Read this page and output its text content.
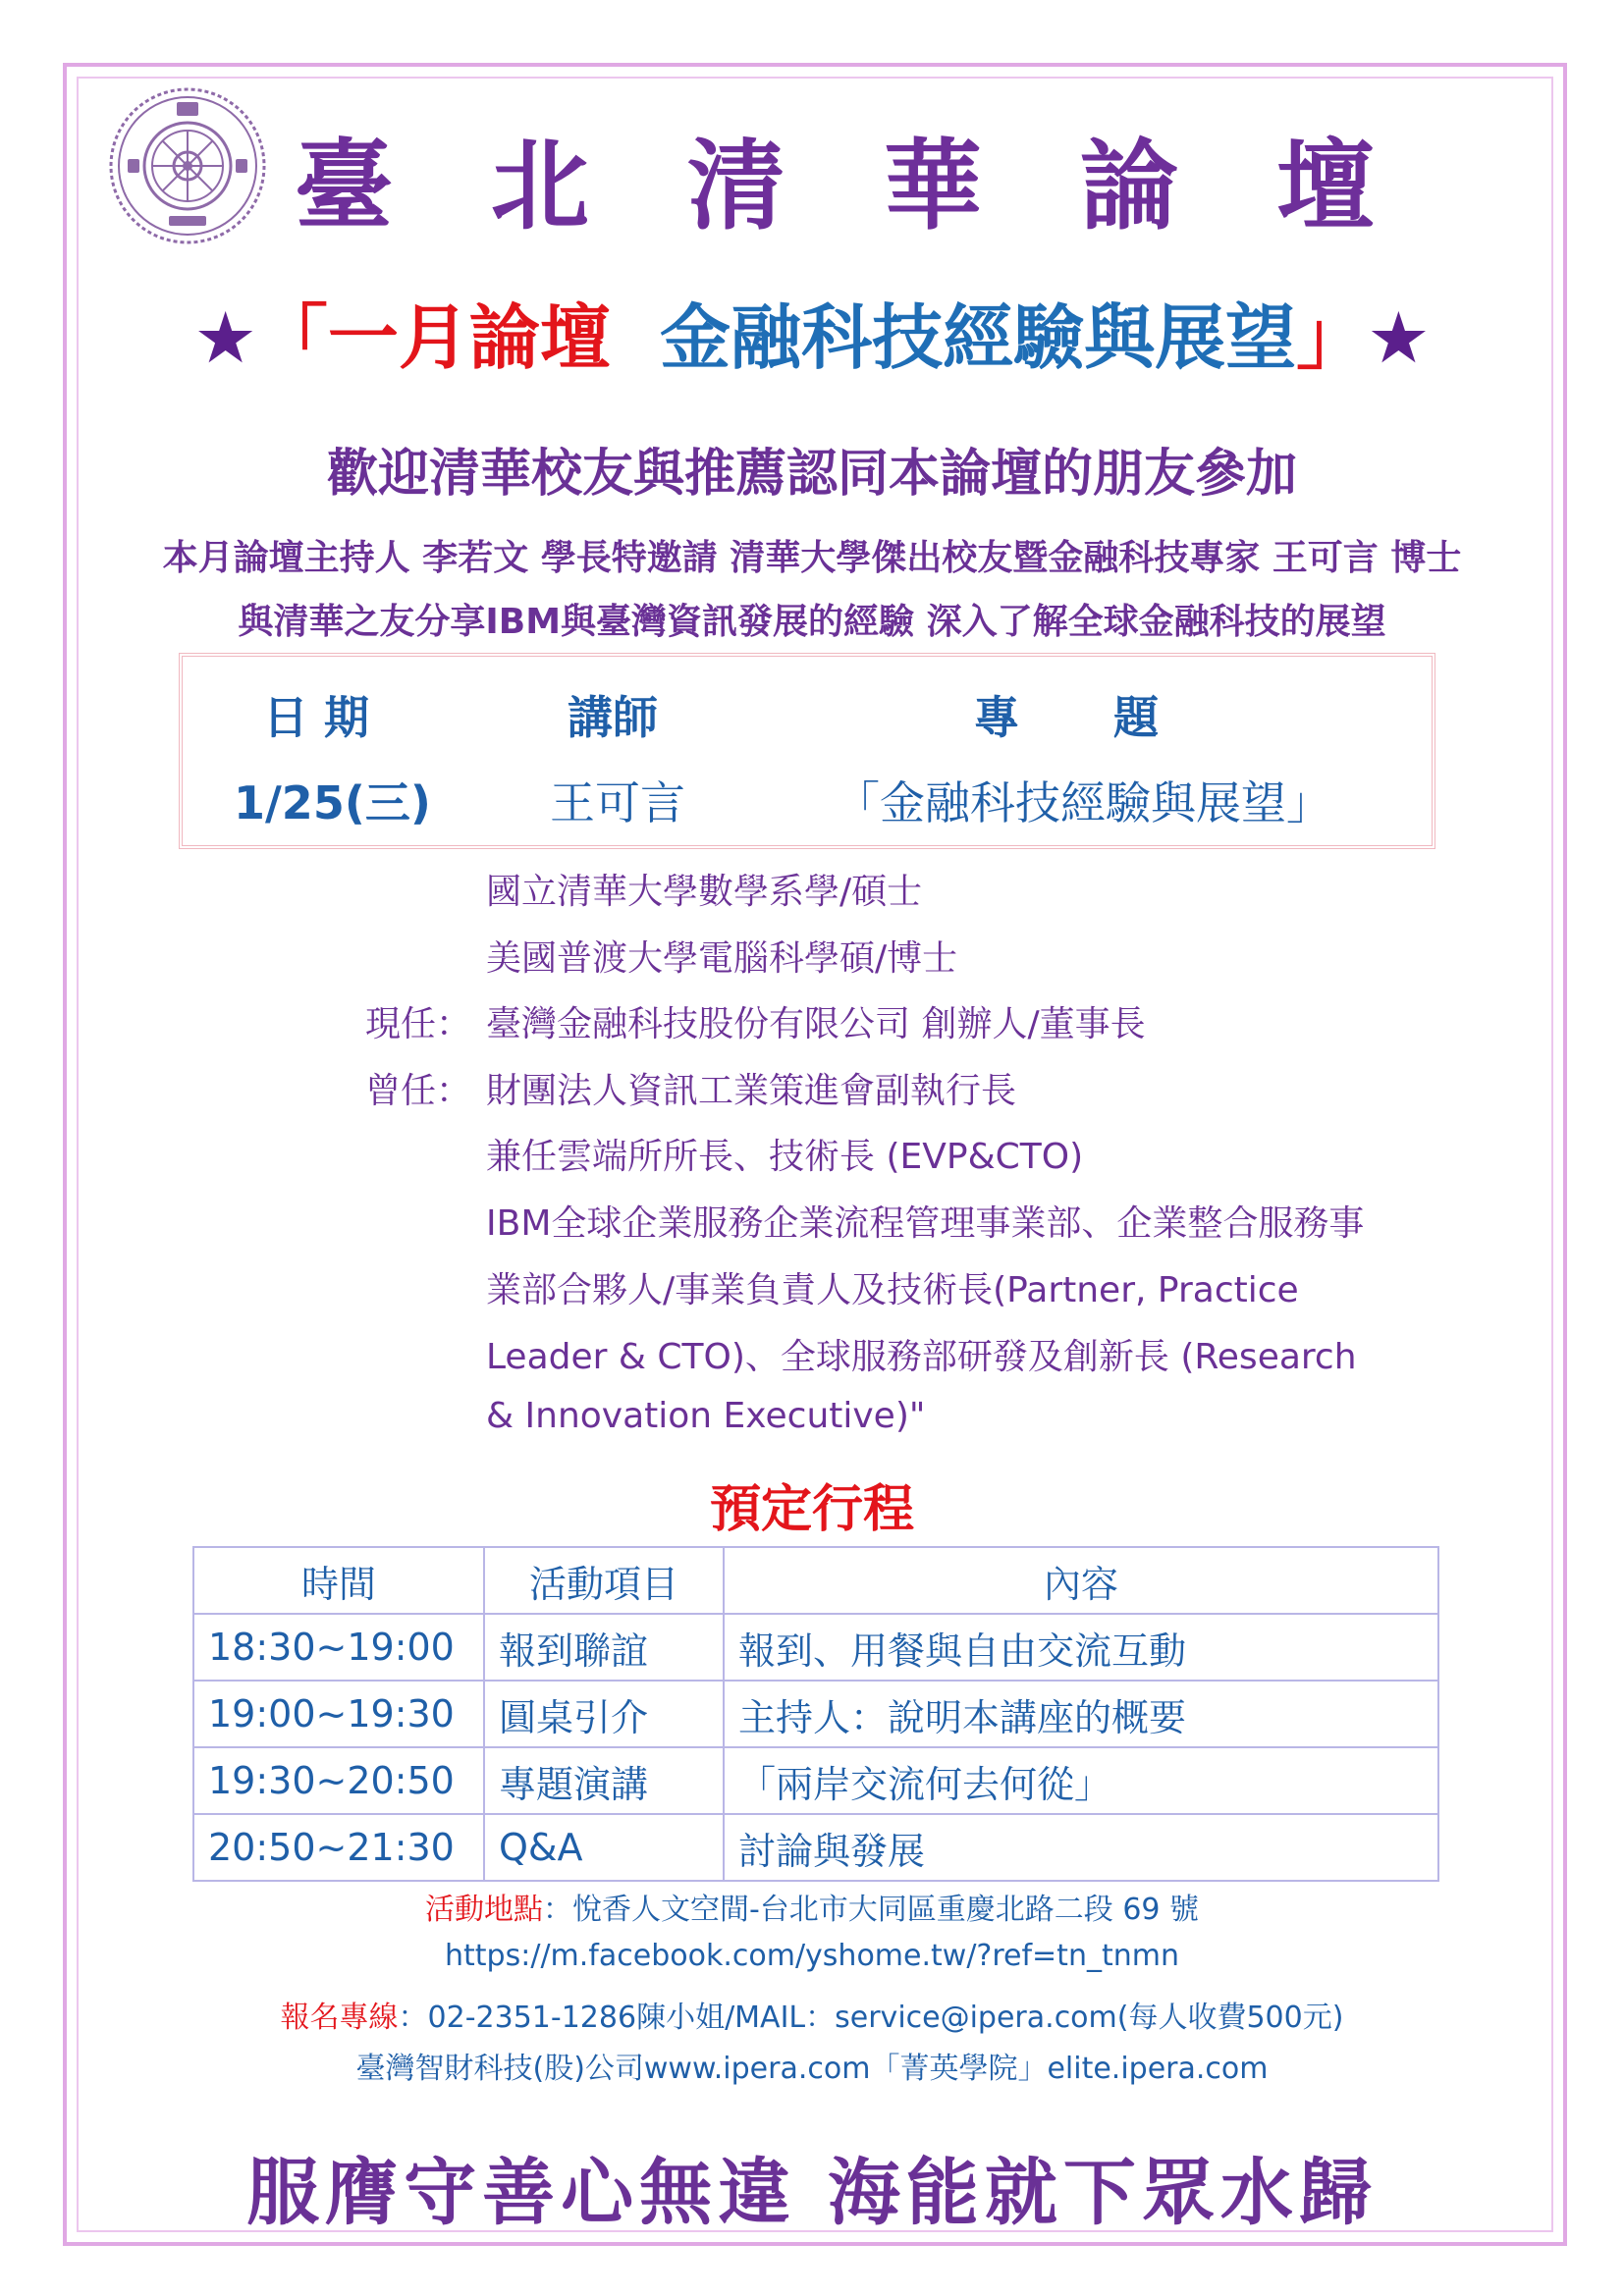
臺北清華論壇
★「一月論壇 金融科技經驗與展望」★
歡迎清華校友與推薦認同本論壇的朋友參加
本月論壇主持人 李若文 學長特邀請 清華大學傑出校友暨金融科技專家 王可言 博士
與清華之友分享IBM與臺灣資訊發展的經驗 深入了解全球金融科技的展望
日 期	講師	專 題
1/25(三)	王可言	「金融科技經驗與展望」
國立清華大學數學系學/碩士
美國普渡大學電腦科學碩/博士
現任： 臺灣金融科技股份有限公司 創辦人/董事長
曾任： 財團法人資訊工業策進會副執行長
兼任雲端所所長、技術長 (EVP&CTO)
IBM全球企業服務企業流程管理事業部、企業整合服務事
業部合夥人/事業負責人及技術長(Partner, Practice
Leader & CTO)、全球服務部研發及創新長 (Research
& Innovation Executive)"
預定行程
時間	活動項目	內容
18:30~19:00	報到聯誼	報到、用餐與自由交流互動
19:00~19:30	圓桌引介	主持人：說明本講座的概要
19:30~20:50	專題演講	「兩岸交流何去何從」
20:50~21:30	Q&A	討論與發展
活動地點：悅香人文空間-台北市大同區重慶北路二段 69 號
https://m.facebook.com/yshome.tw/?ref=tn_tnmn
報名專線：02-2351-1286陳小姐/MAIL：service@ipera.com(每人收費500元)
臺灣智財科技(股)公司www.ipera.com「菁英學院」elite.ipera.com
服膺守善心無違 海能就下眾水歸
